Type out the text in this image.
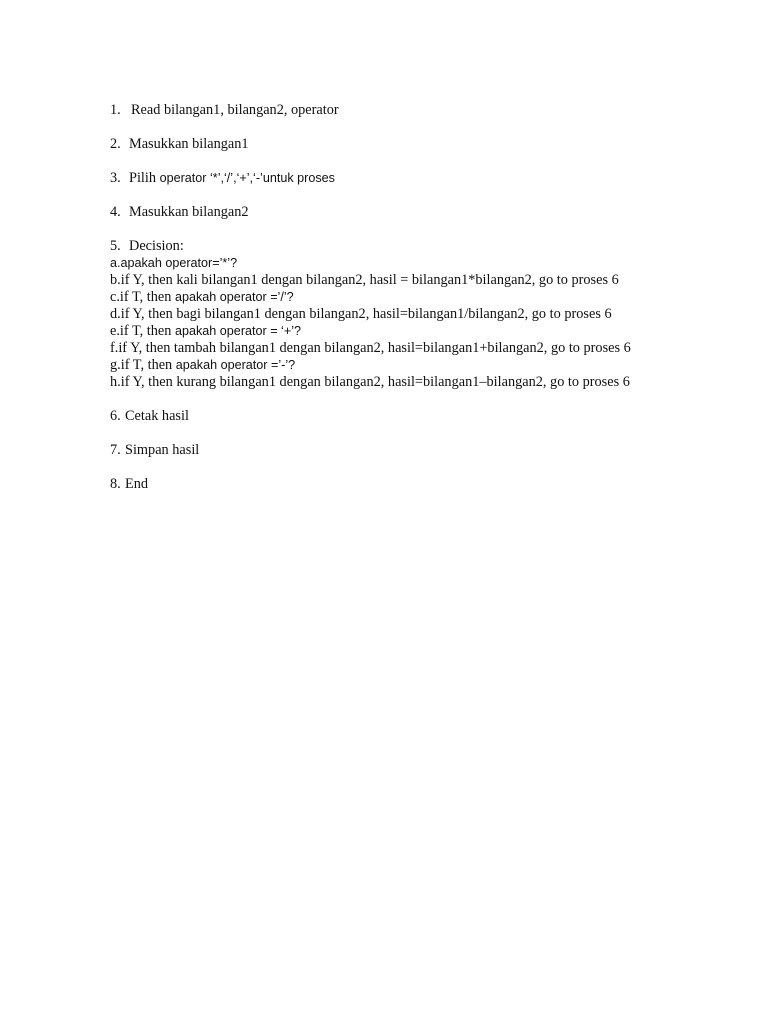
1. Read bilangan1, bilangan2, operator
2. Masukkan bilangan1
3. Pilih operator ‘*’,‘/’,‘+’,‘-’untuk proses
4. Masukkan bilangan2
5. Decision:
a.apakah operator=’*’?
b.if Y, then kali bilangan1 dengan bilangan2, hasil = bilangan1*bilangan2, go to proses 6
c.if T, then apakah operator =’/’?
d.if Y, then bagi bilangan1 dengan bilangan2, hasil=bilangan1/bilangan2, go to proses 6
e.if T, then apakah operator = ‘+’?
f.if Y, then tambah bilangan1 dengan bilangan2, hasil=bilangan1+bilangan2, go to proses 6
g.if T, then apakah operator =’-’?
h.if Y, then kurang bilangan1 dengan bilangan2, hasil=bilangan1–bilangan2, go to proses 6
6. Cetak hasil
7. Simpan hasil
8. End
